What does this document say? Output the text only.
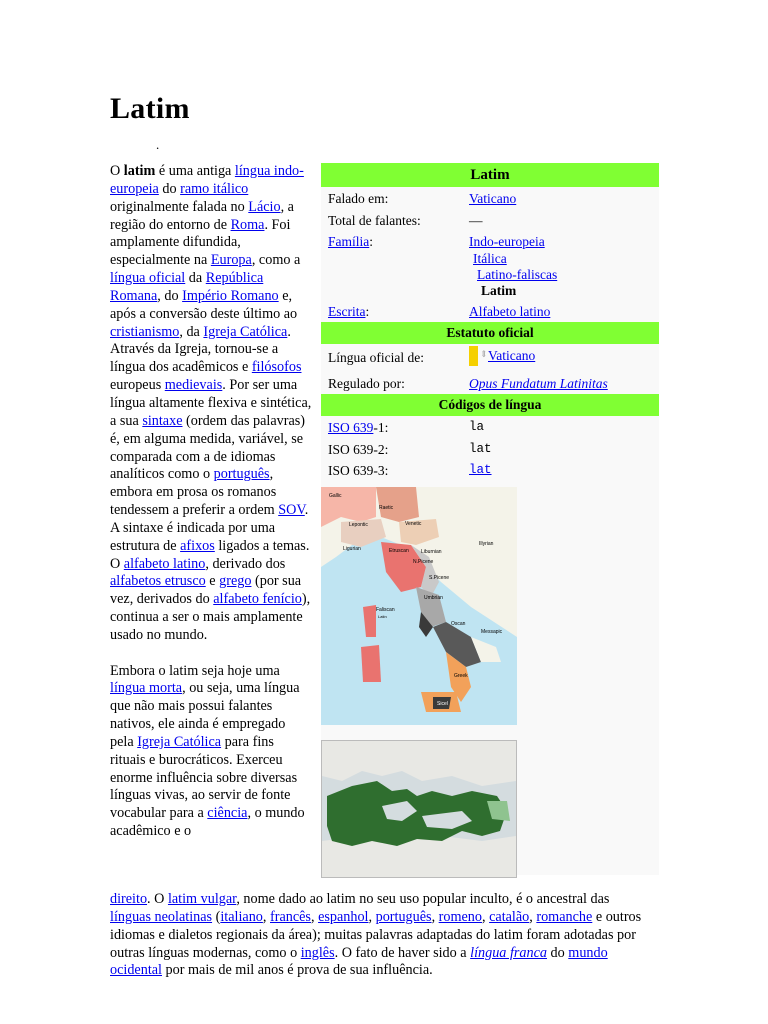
Latim
.

O latim é uma antiga língua indo-europeia do ramo itálico originalmente falada no Lácio, a região do entorno de Roma. Foi amplamente difundida, especialmente na Europa, como a língua oficial da República Romana, do Império Romano e, após a conversão deste último ao cristianismo, da Igreja Católica. Através da Igreja, tornou-se a língua dos acadêmicos e filósofos europeus medievais. Por ser uma língua altamente flexiva e sintética, a sua sintaxe (ordem das palavras) é, em alguma medida, variável, se comparada com a de idiomas analíticos como o português, embora em prosa os romanos tendessem a preferir a ordem SOV. A sintaxe é indicada por uma estrutura de afixos ligados a temas. O alfabeto latino, derivado dos alfabetos etrusco e grego (por sua vez, derivados do alfabeto fenício), continua a ser o mais amplamente usado no mundo.

Embora o latim seja hoje uma língua morta, ou seja, uma língua que não mais possui falantes nativos, ele ainda é empregado pela Igreja Católica para fins rituais e burocráticos. Exerceu enorme influência sobre diversas línguas vivas, ao servir de fonte vocabular para a ciência, o mundo acadêmico e o

direito. O latim vulgar, nome dado ao latim no seu uso popular inculto, é o ancestral das línguas neolatinas (italiano, francês, espanhol, português, romeno, catalão, romanche e outros idiomas e dialetos regionais da área); muitas palavras adaptadas do latim foram adotadas por outras línguas modernas, como o inglês. O fato de haver sido a língua franca do mundo ocidental por mais de mil anos é prova de sua influência.

Latim
Falado em:	Vaticano
Total de falantes:	—
Família:	Indo-europeia
Itálica
Latino-faliscas
Latim
Escrita:	Alfabeto latino
Estatuto oficial
Língua oficial de:	⇕Vaticano
Regulado por:	Opus Fundatum Latinitas
Códigos de língua
ISO 639-1:	la
ISO 639-2:	lat
ISO 639-3:	lat
Gallic
Raetic
Lepontic	Venetic
Illyrian
Ligurian	Etruscan Liburnian
N.Picene
S.Picene
Umbrian
Faliscan
Latin
Oscan
Messapic
Greek
Sicel
